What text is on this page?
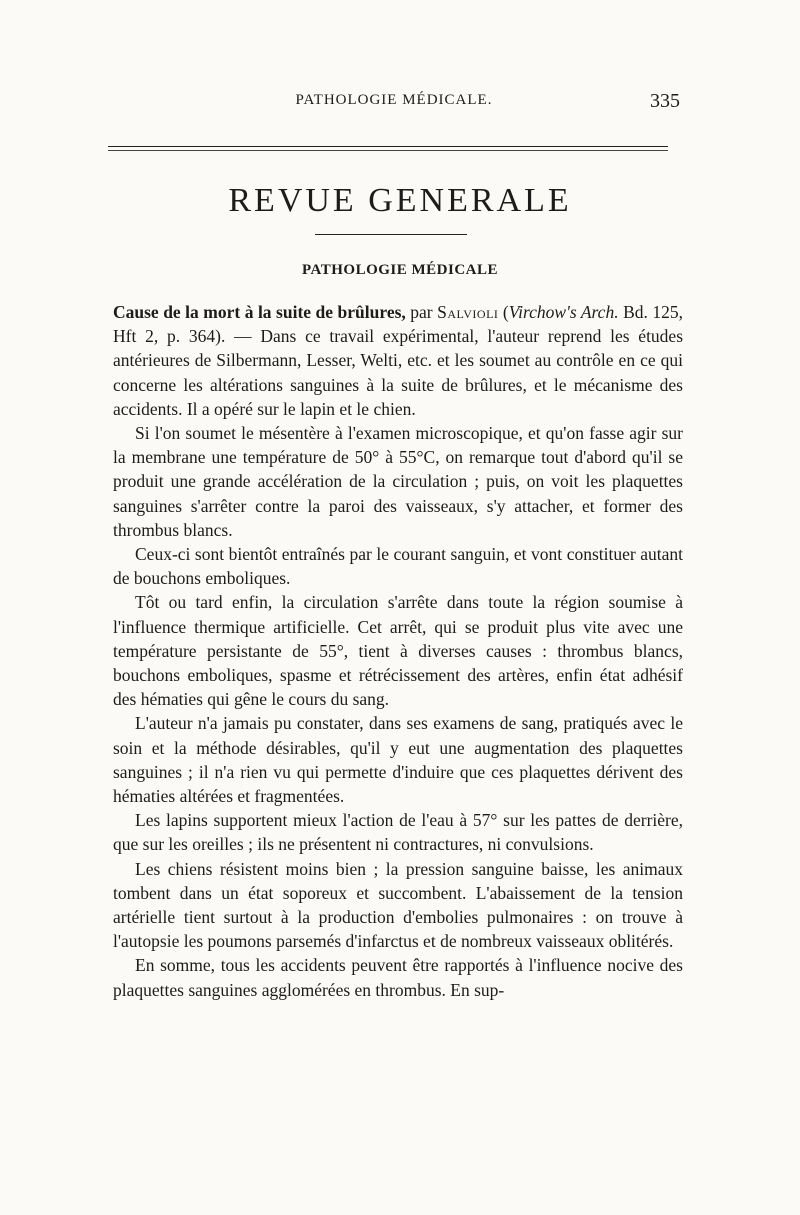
PATHOLOGIE MÉDICALE.	335
REVUE GENERALE
PATHOLOGIE MÉDICALE

Cause de la mort à la suite de brûlures, par Salvioli (Virchow's Arch. Bd. 125, Hft 2, p. 364). — Dans ce travail expérimental, l'auteur reprend les études antérieures de Silbermann, Lesser, Welti, etc. et les soumet au contrôle en ce qui concerne les altérations sanguines à la suite de brûlures, et le mécanisme des accidents. Il a opéré sur le lapin et le chien.

Si l'on soumet le mésentère à l'examen microscopique, et qu'on fasse agir sur la membrane une température de 50° à 55°C, on remarque tout d'abord qu'il se produit une grande accélération de la circulation ; puis, on voit les plaquettes sanguines s'arrêter contre la paroi des vaisseaux, s'y attacher, et former des thrombus blancs.

Ceux-ci sont bientôt entraînés par le courant sanguin, et vont constituer autant de bouchons emboliques.

Tôt ou tard enfin, la circulation s'arrête dans toute la région soumise à l'influence thermique artificielle. Cet arrêt, qui se produit plus vite avec une température persistante de 55°, tient à diverses causes : thrombus blancs, bouchons emboliques, spasme et rétrécissement des artères, enfin état adhésif des hématies qui gêne le cours du sang.

L'auteur n'a jamais pu constater, dans ses examens de sang, pratiqués avec le soin et la méthode désirables, qu'il y eut une augmentation des plaquettes sanguines ; il n'a rien vu qui permette d'induire que ces plaquettes dérivent des hématies altérées et fragmentées.

Les lapins supportent mieux l'action de l'eau à 57° sur les pattes de derrière, que sur les oreilles ; ils ne présentent ni contractures, ni convulsions.

Les chiens résistent moins bien ; la pression sanguine baisse, les animaux tombent dans un état soporeux et succombent. L'abaissement de la tension artérielle tient surtout à la production d'embolies pulmonaires : on trouve à l'autopsie les poumons parsemés d'infarctus et de nombreux vaisseaux oblitérés.

En somme, tous les accidents peuvent être rapportés à l'influence nocive des plaquettes sanguines agglomérées en thrombus. En sup-
